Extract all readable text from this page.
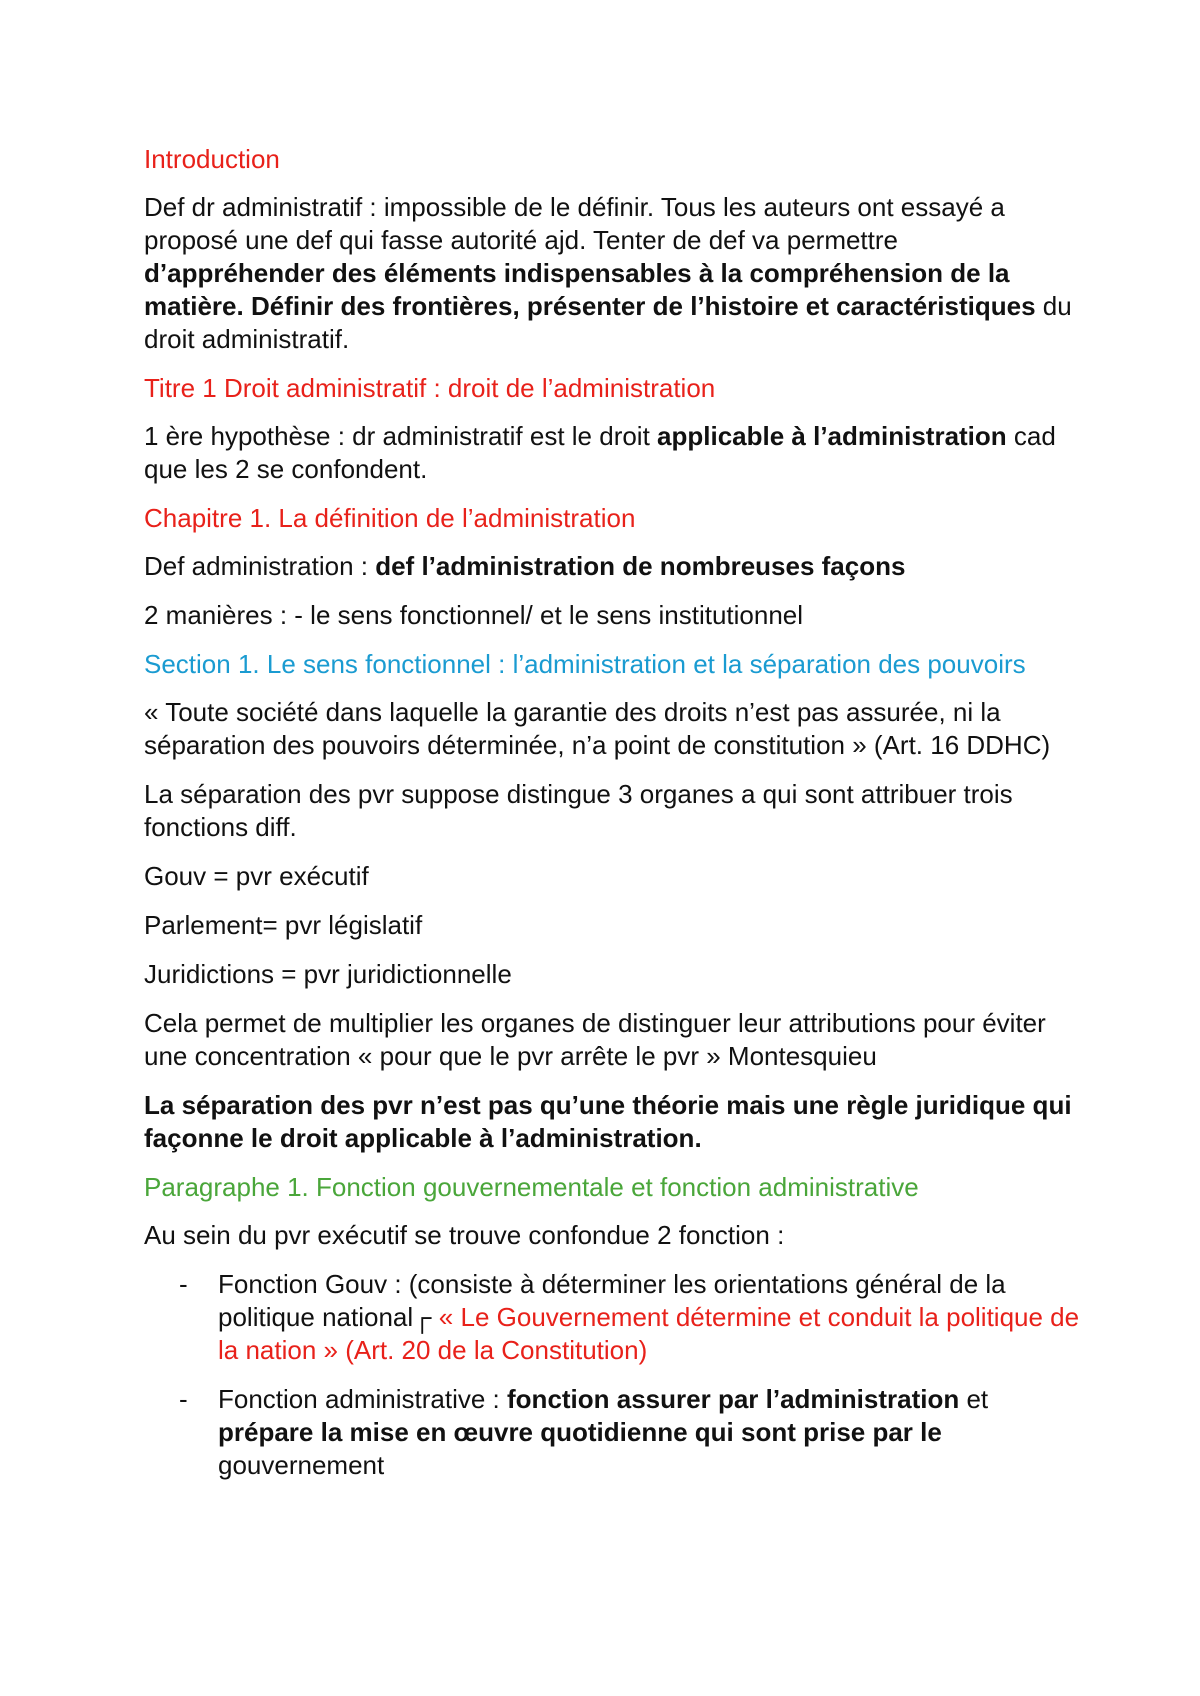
Introduction

Def dr administratif : impossible de le définir. Tous les auteurs ont essayé a proposé une def qui fasse autorité ajd. Tenter de def va permettre d’appréhender des éléments indispensables à la compréhension de la matière. Définir des frontières, présenter de l’histoire et caractéristiques du droit administratif.

Titre 1 Droit administratif : droit de l’administration

1 ère hypothèse : dr administratif est le droit applicable à l’administration cad que les 2 se confondent.

Chapitre 1. La définition de l’administration

Def administration : def l’administration de nombreuses façons

2 manières : - le sens fonctionnel/ et le sens institutionnel

Section 1. Le sens fonctionnel : l’administration et la séparation des pouvoirs

« Toute société dans laquelle la garantie des droits n’est pas assurée, ni la séparation des pouvoirs déterminée, n’a point de constitution » (Art. 16 DDHC)

La séparation des pvr suppose distingue 3 organes a qui sont attribuer trois fonctions diff.

Gouv = pvr exécutif

Parlement= pvr législatif

Juridictions = pvr juridictionnelle

Cela permet de multiplier les organes de distinguer leur attributions pour éviter une concentration « pour que le pvr arrête le pvr » Montesquieu

La séparation des pvr n’est pas qu’une théorie mais une règle juridique qui façonne le droit applicable à l’administration.

Paragraphe 1. Fonction gouvernementale et fonction administrative

Au sein du pvr exécutif se trouve confondue 2 fonction :

- Fonction Gouv : (consiste à déterminer les orientations général de la politique national┌ « Le Gouvernement détermine et conduit la politique de la nation » (Art. 20 de la Constitution)
- Fonction administrative : fonction assurer par l’administration et prépare la mise en œuvre quotidienne qui sont prise par le gouvernement
